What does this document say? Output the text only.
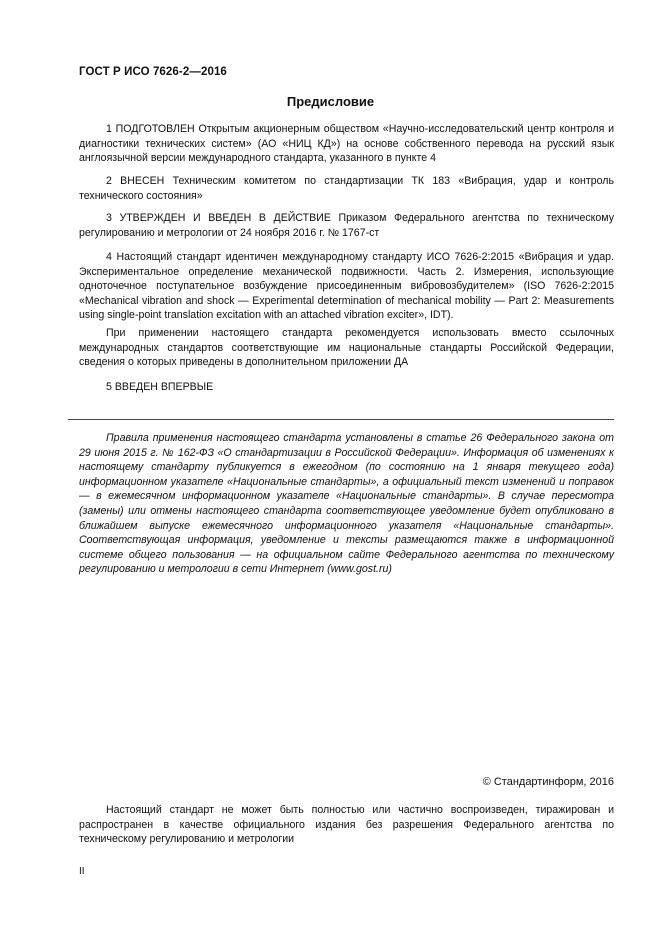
ГОСТ Р ИСО 7626-2—2016
Предисловие

1 ПОДГОТОВЛЕН Открытым акционерным обществом «Научно-исследовательский центр контроля и диагностики технических систем» (АО «НИЦ КД») на основе собственного перевода на русский язык англоязычной версии международного стандарта, указанного в пункте 4

2 ВНЕСЕН Техническим комитетом по стандартизации ТК 183 «Вибрация, удар и контроль технического состояния»

3 УТВЕРЖДЕН И ВВЕДЕН В ДЕЙСТВИЕ Приказом Федерального агентства по техническому регулированию и метрологии от 24 ноября 2016 г. № 1767-ст

4 Настоящий стандарт идентичен международному стандарту ИСО 7626-2:2015 «Вибрация и удар. Экспериментальное определение механической подвижности. Часть 2. Измерения, использующие одноточечное поступательное возбуждение присоединенным вибровозбудителем» (ISO 7626-2:2015 «Mechanical vibration and shock — Experimental determination of mechanical mobility — Part 2: Measurements using single-point translation excitation with an attached vibration exciter», IDT).

При применении настоящего стандарта рекомендуется использовать вместо ссылочных международных стандартов соответствующие им национальные стандарты Российской Федерации, сведения о которых приведены в дополнительном приложении ДА

5 ВВЕДЕН ВПЕРВЫЕ

Правила применения настоящего стандарта установлены в статье 26 Федерального закона от 29 июня 2015 г. № 162-ФЗ «О стандартизации в Российской Федерации». Информация об изменениях к настоящему стандарту публикуется в ежегодном (по состоянию на 1 января текущего года) информационном указателе «Национальные стандарты», а официальный текст изменений и поправок — в ежемесячном информационном указателе «Национальные стандарты». В случае пересмотра (замены) или отмены настоящего стандарта соответствующее уведомление будет опубликовано в ближайшем выпуске ежемесячного информационного указателя «Национальные стандарты». Соответствующая информация, уведомление и тексты размещаются также в информационной системе общего пользования — на официальном сайте Федерального агентства по техническому регулированию и метрологии в сети Интернет (www.gost.ru)

© Стандартинформ, 2016

Настоящий стандарт не может быть полностью или частично воспроизведен, тиражирован и распространен в качестве официального издания без разрешения Федерального агентства по техническому регулированию и метрологии

II
